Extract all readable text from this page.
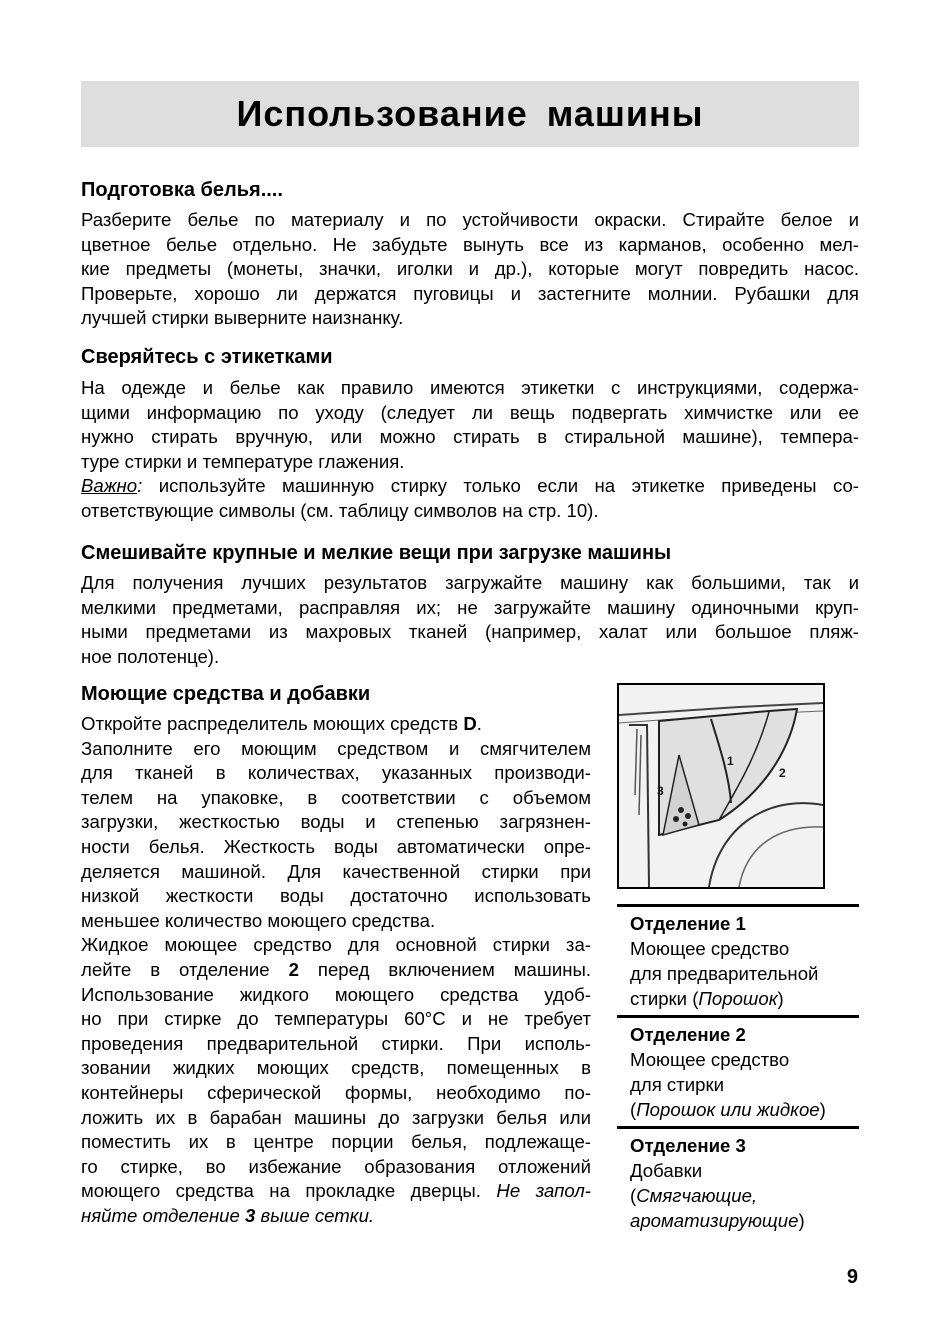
Использование машины
Подготовка белья....
Разберите белье по материалу и по устойчивости окраски. Стирайте белое и
цветное белье отдельно. Не забудьте вынуть все из карманов, особенно мел-
кие предметы (монеты, значки, иголки и др.), которые могут повредить насос.
Проверьте, хорошо ли держатся пуговицы и застегните молнии. Рубашки для
лучшей стирки выверните наизнанку.
Сверяйтесь с этикетками
На одежде и белье как правило имеются этикетки с инструкциями, содержа-
щими информацию по уходу (следует ли вещь подвергать химчистке или ее
нужно стирать вручную, или можно стирать в стиральной машине), темпера-
туре стирки и температуре глажения.
Важно: используйте машинную стирку только если на этикетке приведены со-
ответствующие символы (см. таблицу символов на стр. 10).
Смешивайте крупные и мелкие вещи при загрузке машины
Для получения лучших результатов загружайте машину как большими, так и
мелкими предметами, расправляя их; не загружайте машину одиночными круп-
ными предметами из махровых тканей (например, халат или большое пляж-
ное полотенце).
Моющие средства и добавки
Откройте распределитель моющих средств D.
Заполните его моющим средством и смягчителем
для тканей в количествах, указанных производи-
телем на упаковке, в соответствии с объемом
загрузки, жесткостью воды и степенью загрязнен-
ности белья. Жесткость воды автоматически опре-
деляется машиной. Для качественной стирки при
низкой жесткости воды достаточно использовать
меньшее количество моющего средства.
Жидкое моющее средство для основной стирки за-
лейте в отделение 2 перед включением машины.
Использование жидкого моющего средства удоб-
но при стирке до температуры 60°C и не требует
проведения предварительной стирки. При исполь-
зовании жидких моющих средств, помещенных в
контейнеры сферической формы, необходимо по-
ложить их в барабан машины до загрузки белья или
поместить их в центре порции белья, подлежаще-
го стирке, во избежание образования отложений
моющего средства на прокладке дверцы. Не запол-
няйте отделение 3 выше сетки.
1
2
3
Отделение 1
Моющее средство
для предварительной
стирки (Порошок)
Отделение 2
Моющее средство
для стирки
(Порошок или жидкое)
Отделение 3
Добавки
(Смягчающие,
ароматизирующие)
9
